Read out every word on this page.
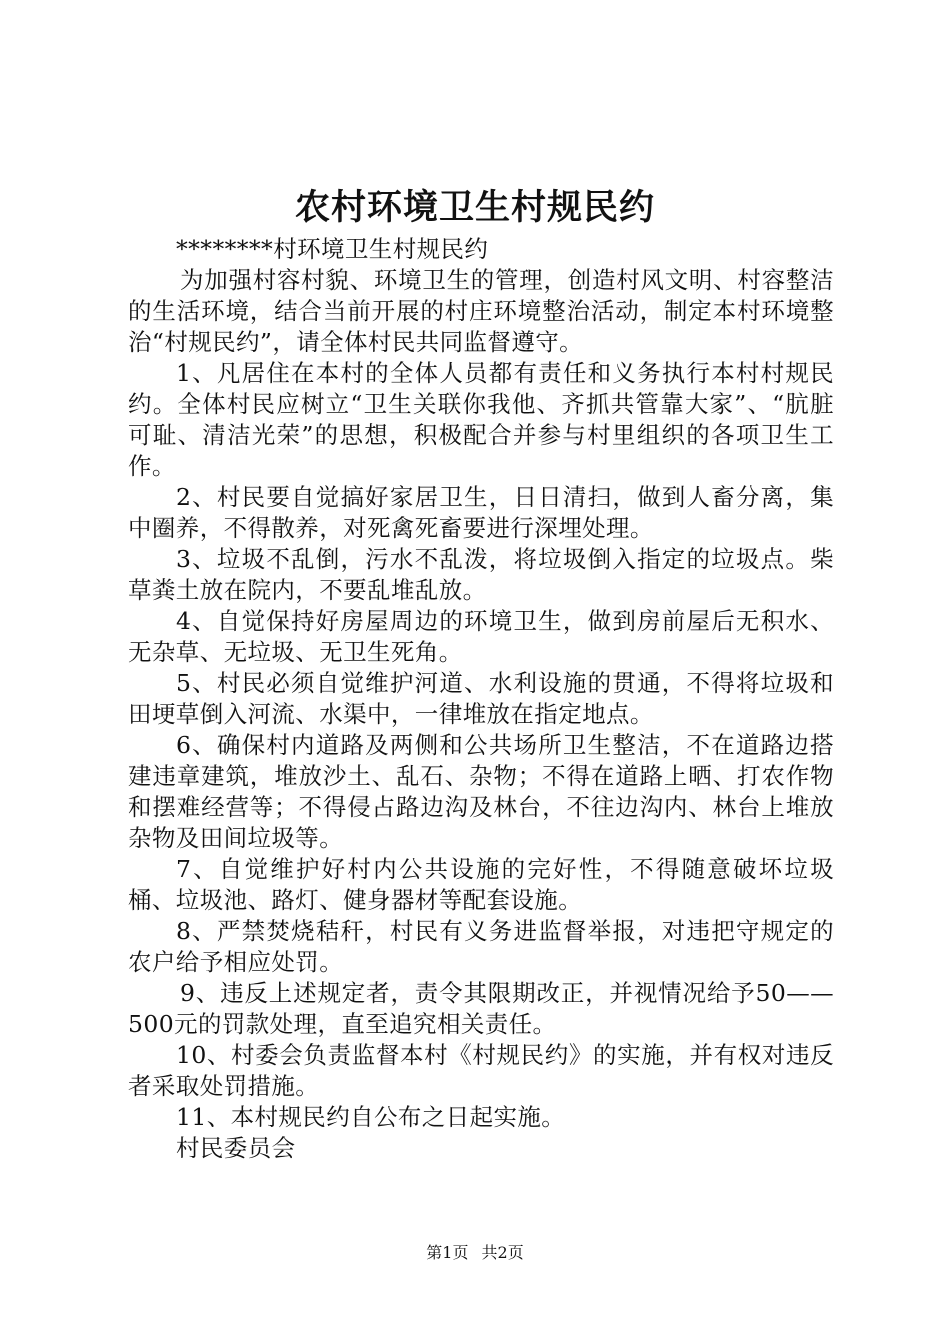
农村环境卫生村规民约

********村环境卫生村规民约

为加强村容村貌、环境卫生的管理，创造村风文明、村容整洁的生活环境，结合当前开展的村庄环境整治活动，制定本村环境整治“村规民约”，请全体村民共同监督遵守。

1、凡居住在本村的全体人员都有责任和义务执行本村村规民约。全体村民应树立“卫生关联你我他、齐抓共管靠大家”、“肮脏可耻、清洁光荣”的思想，积极配合并参与村里组织的各项卫生工作。

2、村民要自觉搞好家居卫生，日日清扫，做到人畜分离，集中圈养，不得散养，对死禽死畜要进行深埋处理。

3、垃圾不乱倒，污水不乱泼，将垃圾倒入指定的垃圾点。柴草粪土放在院内，不要乱堆乱放。

4、自觉保持好房屋周边的环境卫生，做到房前屋后无积水、无杂草、无垃圾、无卫生死角。

5、村民必须自觉维护河道、水利设施的贯通，不得将垃圾和田埂草倒入河流、水渠中，一律堆放在指定地点。

6、确保村内道路及两侧和公共场所卫生整洁，不在道路边搭建违章建筑，堆放沙土、乱石、杂物；不得在道路上晒、打农作物和摆难经营等；不得侵占路边沟及林台，不往边沟内、林台上堆放杂物及田间垃圾等。

7、自觉维护好村内公共设施的完好性，不得随意破坏垃圾桶、垃圾池、路灯、健身器材等配套设施。

8、严禁焚烧秸秆，村民有义务进监督举报，对违把守规定的农户给予相应处罚。

9、违反上述规定者，责令其限期改正，并视情况给予50——500元的罚款处理，直至追究相关责任。

10、村委会负责监督本村《村规民约》的实施，并有权对违反者采取处罚措施。

11、本村规民约自公布之日起实施。

村民委员会

第1页 共2页
